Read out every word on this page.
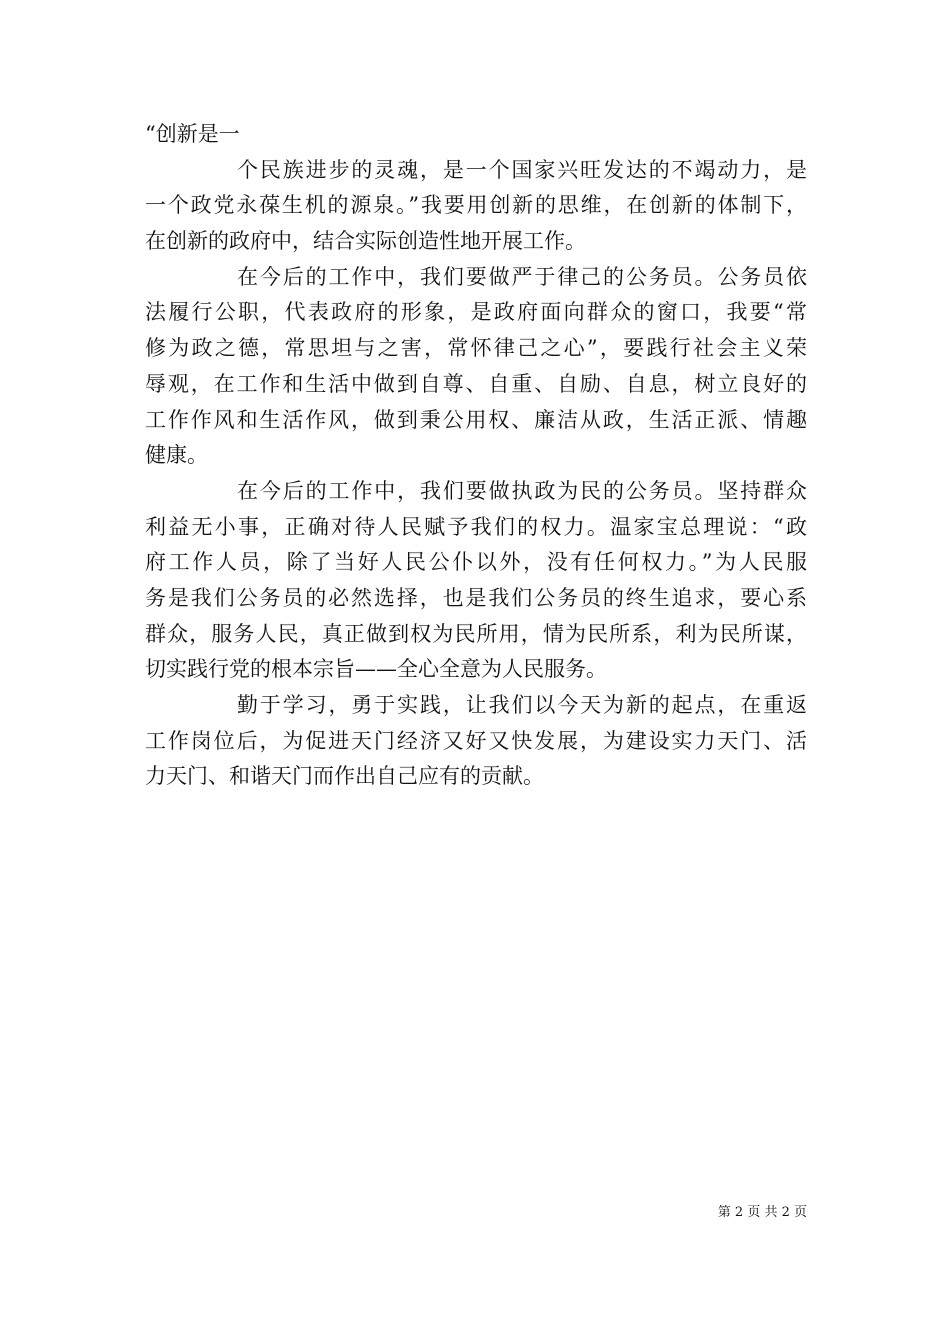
“创新是一
个民族进步的灵魂，是一个国家兴旺发达的不竭动力，是
一个政党永葆生机的源泉。”我要用创新的思维，在创新的体制下，
在创新的政府中，结合实际创造性地开展工作。
在今后的工作中，我们要做严于律己的公务员。公务员依
法履行公职，代表政府的形象，是政府面向群众的窗口，我要“常
修为政之德，常思坦与之害，常怀律己之心”，要践行社会主义荣
辱观，在工作和生活中做到自尊、自重、自励、自息，树立良好的
工作作风和生活作风，做到秉公用权、廉洁从政，生活正派、情趣
健康。
在今后的工作中，我们要做执政为民的公务员。坚持群众
利益无小事，正确对待人民赋予我们的权力。温家宝总理说：“政
府工作人员，除了当好人民公仆以外，没有任何权力。”为人民服
务是我们公务员的必然选择，也是我们公务员的终生追求，要心系
群众，服务人民，真正做到权为民所用，情为民所系，利为民所谋，
切实践行党的根本宗旨——全心全意为人民服务。
勤于学习，勇于实践，让我们以今天为新的起点，在重返
工作岗位后，为促进天门经济又好又快发展，为建设实力天门、活
力天门、和谐天门而作出自己应有的贡献。
第 2 页 共 2 页
